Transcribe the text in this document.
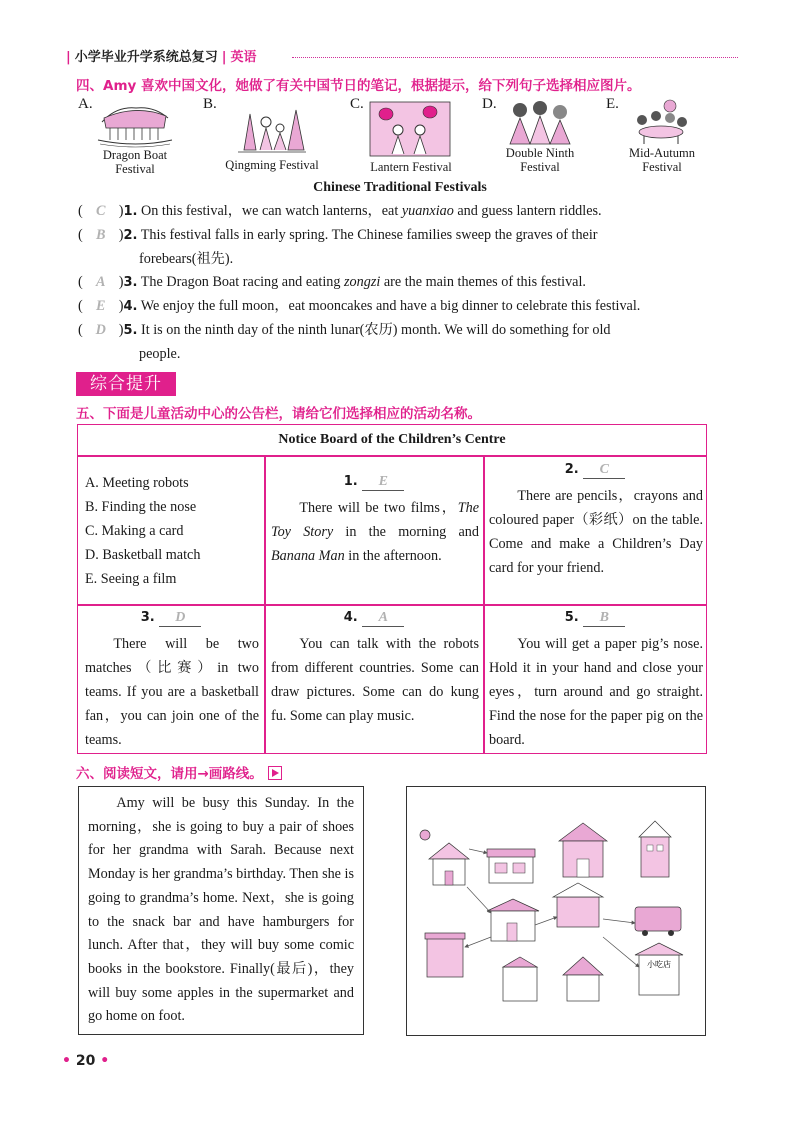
| 小学毕业升学系统总复习 | 英语
四、Amy 喜欢中国文化，她做了有关中国节日的笔记，根据提示，给下列句子选择相应图片。
A.	B.	C.	D.	E.
Dragon Boat
Festival	Qingming Festival	Lantern Festival
Double Ninth
Festival
Mid-Autumn
Festival
Chinese Traditional Festivals
( C )1. On this festival，we can watch lanterns，eat yuanxiao and guess lantern riddles.
( B )2. This festival falls in early spring. The Chinese families sweep the graves of their
forebears(祖先).
( A )3. The Dragon Boat racing and eating zongzi are the main themes of this festival.
( E )4. We enjoy the full moon，eat mooncakes and have a big dinner to celebrate this festival.
( D )5. It is on the ninth day of the ninth lunar(农历) month. We will do something for old
people.
综合提升
五、下面是儿童活动中心的公告栏，请给它们选择相应的活动名称。
Notice Board of the Children’s Centre
A. Meeting robots
B. Finding the nose
C. Making a card
D. Basketball match
E. Seeing a film
1. E
There will be two films，The Toy Story in the morning and Banana Man in the afternoon.
2. C
There are pencils，crayons and coloured paper（彩纸）on the table. Come and make a Children’s Day card for your friend.
3. D
There will be two matches（比赛）in two teams. If you are a basketball fan，you can join one of the teams.
4. A
You can talk with the robots from different countries. Some can draw pictures. Some can do kung fu. Some can play music.
5. B
You will get a paper pig’s nose. Hold it in your hand and close your eyes，turn around and go straight. Find the nose for the paper pig on the board.
六、阅读短文，请用→画路线。
Amy will be busy this Sunday. In the morning，she is going to buy a pair of shoes for her grandma with Sarah. Because next Monday is her grandma’s birthday. Then she is going to grandma’s home. Next，she is going to the snack bar and have hamburgers for lunch. After that，they will buy some comic books in the bookstore. Finally(最后)，they will buy some apples in the supermarket and go home on foot.
小吃店
• 20 •
